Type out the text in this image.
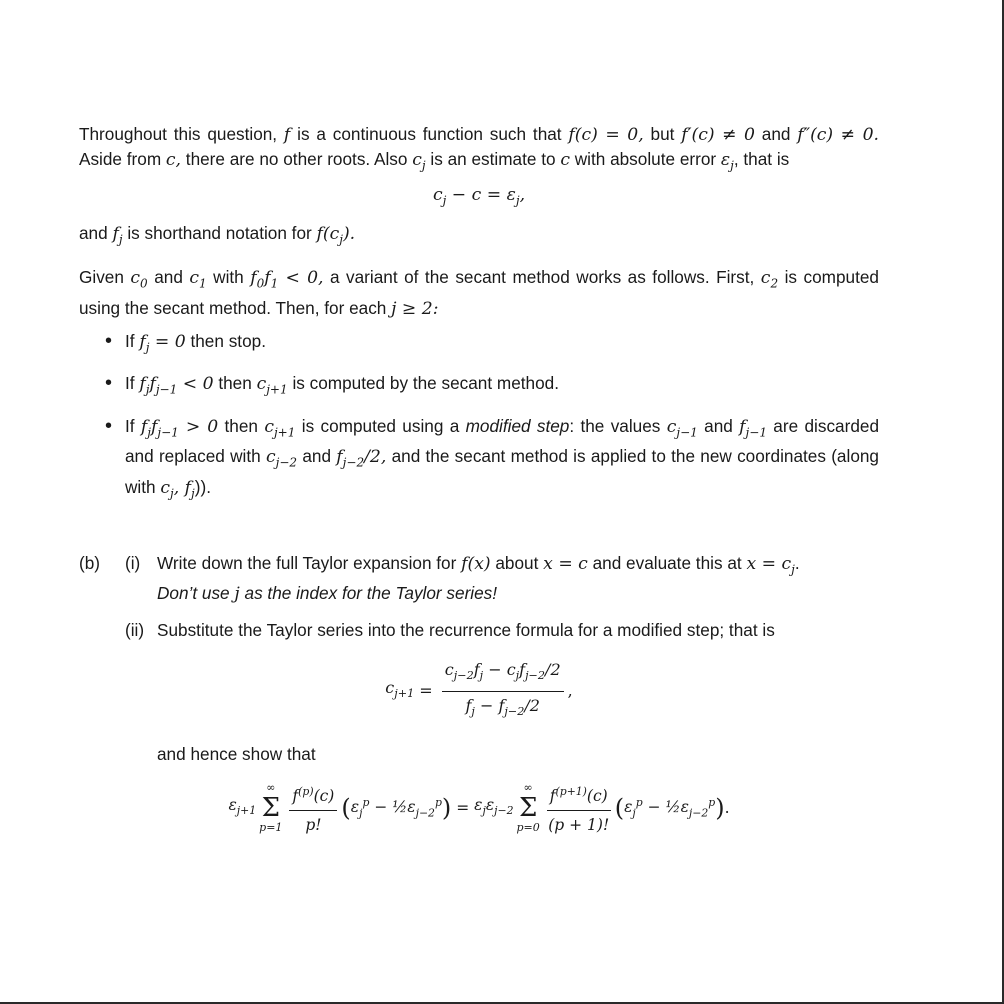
Throughout this question, f is a continuous function such that f(c) = 0, but f′(c) ≠ 0 and f″(c) ≠ 0. Aside from c, there are no other roots. Also $c_j$ is an estimate to c with absolute error $\varepsilon_j$, that is

$c_j - c = \varepsilon_j$,

and $f_j$ is shorthand notation for $f(c_j)$.

Given $c_0$ and $c_1$ with $f_0f_1 < 0$, a variant of the secant method works as follows. First, $c_2$ is computed using the secant method. Then, for each j ≥ 2:

• If $f_j = 0$ then stop.
• If $f_jf_{j-1} < 0$ then $c_{j+1}$ is computed by the secant method.
• If $f_jf_{j-1} > 0$ then $c_{j+1}$ is computed using a modified step: the values $c_{j-1}$ and $f_{j-1}$ are discarded and replaced with $c_{j-2}$ and $f_{j-2}/2$, and the secant method is applied to the new coordinates (along with $c_j$, $f_j$)).
(b) (i) Write down the full Taylor expansion for f(x) about x = c and evaluate this at $x = c_j$.
Don’t use j as the index for the Taylor series!
(ii) Substitute the Taylor series into the recurrence formula for a modified step; that is
$c_{j+1} = \frac{c_{j-2}f_j - c_jf_{j-2}/2}{f_j - f_{j-2}/2}$ ,
and hence show that
$\varepsilon_{j+1}$
∞
Σ
$p=1 \frac{f^{(p)}(c)}{p!}$ ( $\varepsilon_j^p$ − $\frac{1}{2}\varepsilon_{j-2}^p$ ) = $\varepsilon_j\varepsilon_{j-2}$
∞
Σ
$p=0 \frac{f^{(p+1)}(c)}{(p + 1)!}$ ( $\varepsilon_j^p$ − $\frac{1}{2}\varepsilon_{j-2}^p$ ) .
